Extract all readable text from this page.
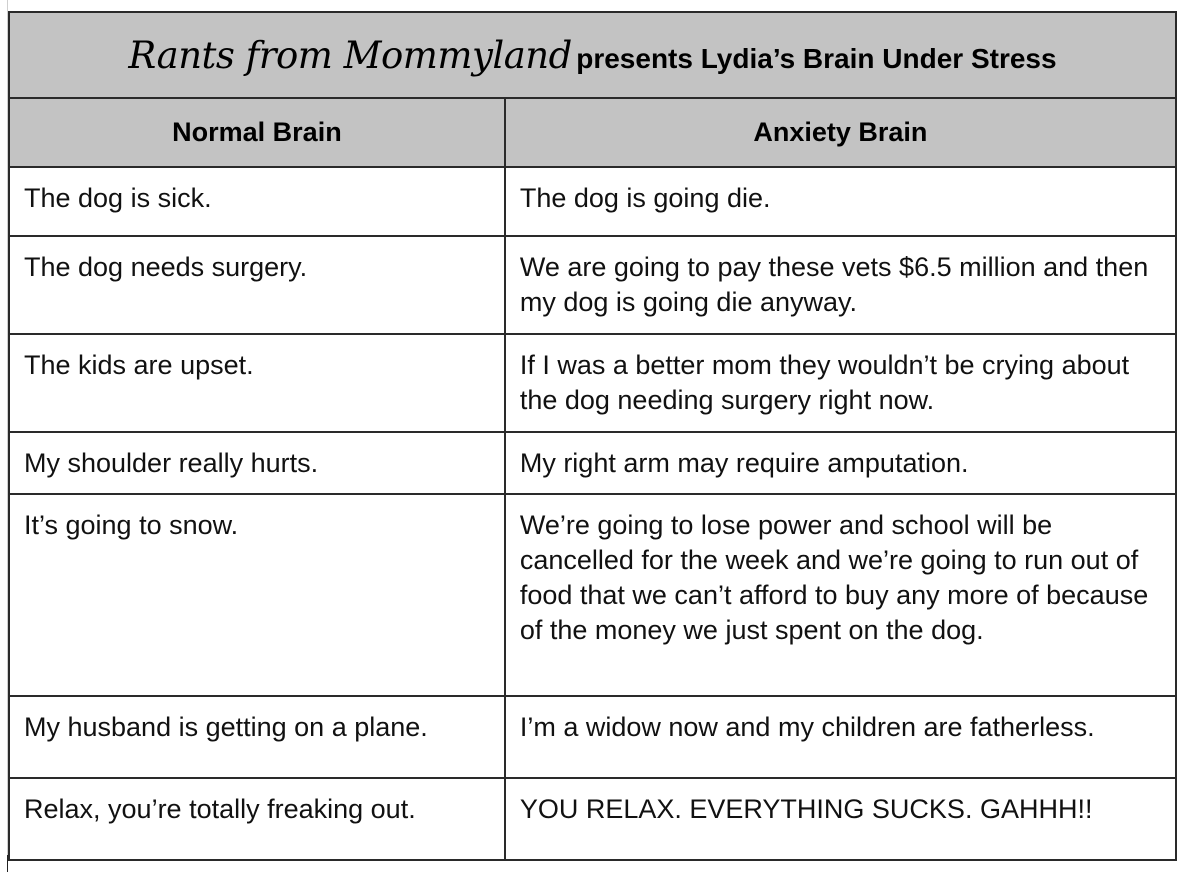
Rants from Mommyland presents Lydia’s Brain Under Stress	
Normal Brain	Anxiety Brain
The dog is sick.	The dog is going die.
The dog needs surgery.	We are going to pay these vets $6.5 million and then my dog is going die anyway.
The kids are upset.	If I was a better mom they wouldn’t be crying about the dog needing surgery right now.
My shoulder really hurts.	My right arm may require amputation.
It’s going to snow.	We’re going to lose power and school will be cancelled for the week and we’re going to run out of food that we can’t afford to buy any more of because of the money we just spent on the dog.
My husband is getting on a plane.	I’m a widow now and my children are fatherless.
Relax, you’re totally freaking out.	YOU RELAX. EVERYTHING SUCKS. GAHHH!!
